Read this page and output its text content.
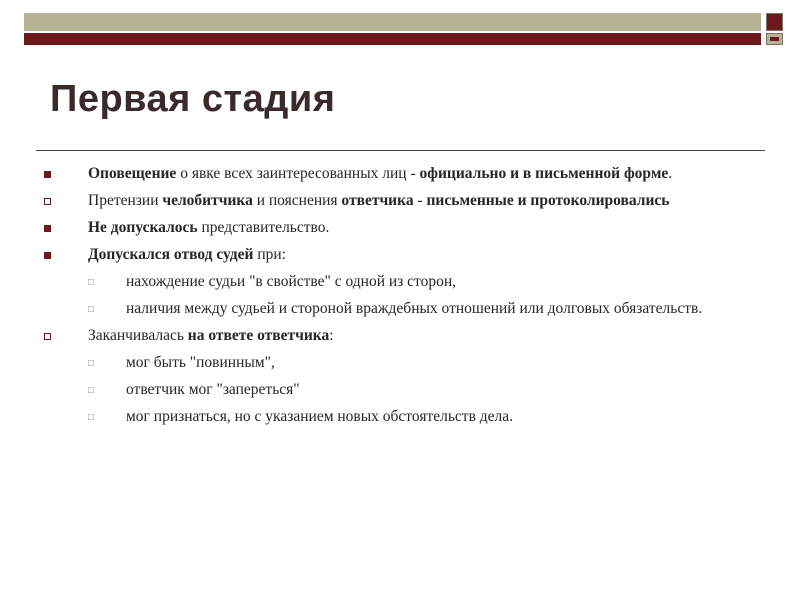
Первая стадия
Оповещение о явке всех заинтересованных лиц - официально и в письменной форме.
Претензии челобитчика и пояснения ответчика - письменные и протоколировались
Не допускалось представительство.
Допускался отвод судей при:
□ нахождение судьи "в свойстве" с одной из сторон,
□ наличия между судьей и стороной враждебных отношений или долговых обязательств.
Заканчивалась на ответе ответчика:
□ мог быть "повинным",
□ ответчик мог "запереться"
□ мог признаться, но с указанием новых обстоятельств дела.
